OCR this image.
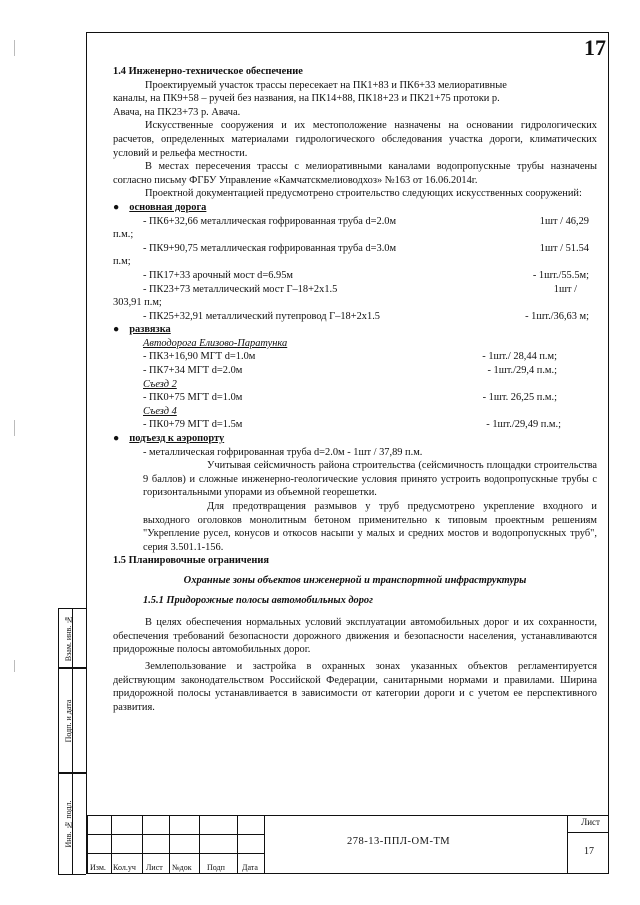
Взам. инв. №
Подп. и дата
Инв. № подл.
17

1.4 Инженерно-техническое обеспечение

Проектируемый участок трассы пересекает на ПК1+83 и ПК6+33 мелиоративные

каналы, на ПК9+58 – ручей без названия, на ПК14+88, ПК18+23 и ПК21+75 протоки р.

Авача, на ПК23+73 р. Авача.

Искусственные сооружения и их местоположение назначены на основании гидрологических расчетов, определенных материалами гидрологического обследования участка дороги, климатических условий и рельефа местности.

В местах пересечения трассы с мелиоративными каналами водопропускные трубы назначены согласно письму ФГБУ Управление «Камчатскмелиоводхоз» №163 от 16.06.2014г.

Проектной документацией предусмотрено строительство следующих искусственных сооружений:

● основная дорога

- ПК6+32,66 металлическая гофрированная труба d=2.0м	1шт / 46,29

п.м.;

- ПК9+90,75 металлическая гофрированная труба d=3.0м	1шт / 51.54

п.м;

- ПК17+33 арочный мост d=6.95м	- 1шт./55.5м;
- ПК23+73 металлический мост Г–18+2х1.5	1шт /

303,91 п.м;

- ПК25+32,91 металлический путепровод Г–18+2х1.5	- 1шт./36,63 м;

● развязка

Автодорога Елизово-Паратунка

- ПК3+16,90 МГТ d=1.0м	- 1шт./ 28,44 п.м;
- ПК7+34 МГТ d=2.0м	- 1шт./29,4 п.м.;

Съезд 2

- ПК0+75 МГТ d=1.0м	- 1шт. 26,25 п.м.;

Съезд 4

- ПК0+79 МГТ d=1.5м	- 1шт./29,49 п.м.;

● подъезд к аэропорту

- металлическая гофрированная труба d=2.0м - 1шт / 37,89 п.м.

Учитывая сейсмичность района строительства (сейсмичность площадки строительства 9 баллов) и сложные инженерно-геологические условия принято устроить водопропускные трубы с горизонтальными упорами из объемной георешетки.

Для предотвращения размывов у труб предусмотрено укрепление входного и выходного оголовков монолитным бетоном применительно к типовым проектным решениям "Укрепление русел, конусов и откосов насыпи у малых и средних мостов и водопропускных труб", серия 3.501.1-156.

1.5 Планировочные ограничения

Охранные зоны объектов инженерной и транспортной инфраструктуры

1.5.1 Придорожные полосы автомобильных дорог

В целях обеспечения нормальных условий эксплуатации автомобильных дорог и их сохранности, обеспечения требований безопасности дорожного движения и безопасности населения, устанавливаются придорожные полосы автомобильных дорог.

Землепользование и застройка в охранных зонах указанных объектов регламентируется действующим законодательством Российской Федерации, санитарными нормами и правилами. Ширина придорожной полосы устанавливается в зависимости от категории дороги и с учетом ее перспективного развития.

Изм. Кол.уч Лист №док Подп Дата
278-13-ППЛ-ОМ-ТМ
Лист
17
